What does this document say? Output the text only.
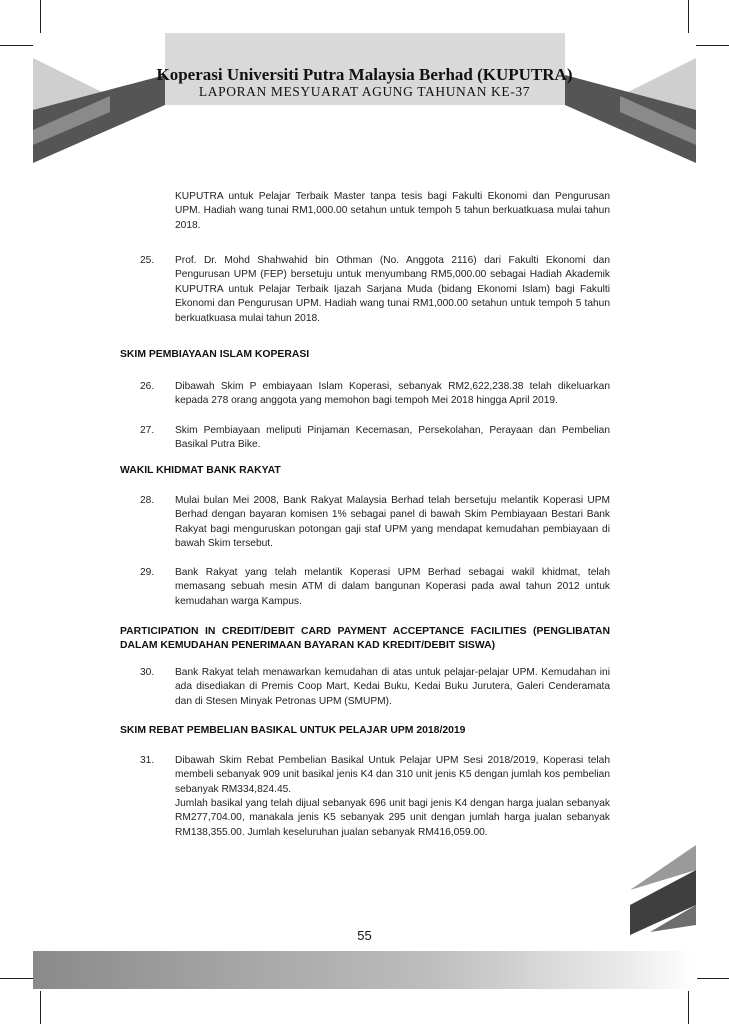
Koperasi Universiti Putra Malaysia Berhad (KUPUTRA)
LAPORAN MESYUARAT AGUNG TAHUNAN KE-37
KUPUTRA untuk Pelajar Terbaik Master tanpa tesis bagi Fakulti Ekonomi dan Pengurusan UPM. Hadiah wang tunai RM1,000.00 setahun untuk tempoh 5 tahun berkuatkuasa mulai tahun 2018.
25. Prof. Dr. Mohd Shahwahid bin Othman (No. Anggota 2116) dari Fakulti Ekonomi dan Pengurusan UPM (FEP) bersetuju untuk menyumbang RM5,000.00 sebagai Hadiah Akademik KUPUTRA untuk Pelajar Terbaik Ijazah Sarjana Muda (bidang Ekonomi Islam) bagi Fakulti Ekonomi dan Pengurusan UPM. Hadiah wang tunai RM1,000.00 setahun untuk tempoh 5 tahun berkuatkuasa mulai tahun 2018.
SKIM PEMBIAYAAN ISLAM KOPERASI
26. Dibawah Skim P embiayaan Islam Koperasi, sebanyak RM2,622,238.38 telah dikeluarkan kepada 278 orang anggota yang memohon bagi tempoh Mei 2018 hingga April 2019.
27. Skim Pembiayaan meliputi Pinjaman Kecemasan, Persekolahan, Perayaan dan Pembelian Basikal Putra Bike.
WAKIL KHIDMAT BANK RAKYAT
28. Mulai bulan Mei 2008, Bank Rakyat Malaysia Berhad telah bersetuju melantik Koperasi UPM Berhad dengan bayaran komisen 1% sebagai panel di bawah Skim Pembiayaan Bestari Bank Rakyat bagi menguruskan potongan gaji staf UPM yang mendapat kemudahan pembiayaan di bawah Skim tersebut.
29. Bank Rakyat yang telah melantik Koperasi UPM Berhad sebagai wakil khidmat, telah memasang sebuah mesin ATM di dalam bangunan Koperasi pada awal tahun 2012 untuk kemudahan warga Kampus.
PARTICIPATION IN CREDIT/DEBIT CARD PAYMENT ACCEPTANCE FACILITIES (PENGLIBATAN DALAM KEMUDAHAN PENERIMAAN BAYARAN KAD KREDIT/DEBIT SISWA)
30. Bank Rakyat telah menawarkan kemudahan di atas untuk pelajar-pelajar UPM. Kemudahan ini ada disediakan di Premis Coop Mart, Kedai Buku, Kedai Buku Jurutera, Galeri Cenderamata dan di Stesen Minyak Petronas UPM (SMUPM).
SKIM REBAT PEMBELIAN BASIKAL UNTUK PELAJAR UPM 2018/2019
31. Dibawah Skim Rebat Pembelian Basikal Untuk Pelajar UPM Sesi 2018/2019, Koperasi telah membeli sebanyak 909 unit basikal jenis K4 dan 310 unit jenis K5 dengan jumlah kos pembelian sebanyak RM334,824.45.
Jumlah basikal yang telah dijual sebanyak 696 unit bagi jenis K4 dengan harga jualan sebanyak RM277,704.00, manakala jenis K5 sebanyak 295 unit dengan jumlah harga jualan sebanyak RM138,355.00. Jumlah keseluruhan jualan sebanyak RM416,059.00.
55
